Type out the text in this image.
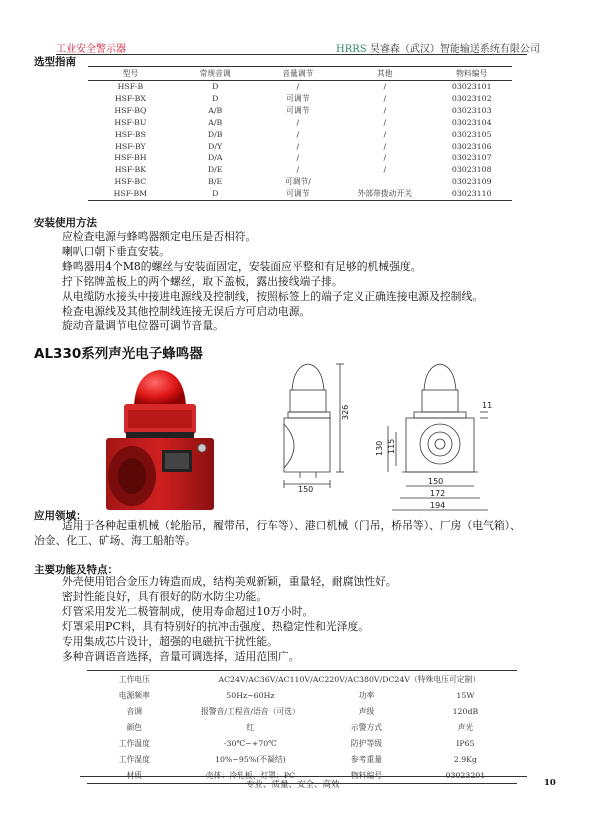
工业安全警示器	HRRS 昊睿森（武汉）智能输送系统有限公司
选型指南
型号	常规音调	音量调节	其他	物料编号
HSF-B	D	/	/	03023101
HSF-BX	D	可调节	/	03023102
HSF-BQ	A/B	可调节	/	03023103
HSF-BU	A/B	/	/	03023104
HSF-BS	D/B	/	/	03023105
HSF-BY	D/Y	/	/	03023106
HSF-BH	D/A	/	/	03023107
HSF-BK	D/E	/	/	03023108
HSF-BC	B/E	可调节/		03023109
HSF-BM	D	可调节	外部带拨动开关	03023110
安装使用方法
应检查电源与蜂鸣器额定电压是否相符。
喇叭口朝下垂直安装。
蜂鸣器用4个M8的螺丝与安装面固定，安装面应平整和有足够的机械强度。
拧下铭牌盖板上的两个螺丝，取下盖板，露出接线端子排。
从电缆防水接头中接进电源线及控制线，按照标签上的端子定义正确连接电源及控制线。
检查电源线及其他控制线连接无误后方可启动电源。
旋动音量调节电位器可调节音量。
AL330系列声光电子蜂鸣器
326
150
11
130 115
150
172
194
应用领域：
适用于各种起重机械（轮胎吊，履带吊，行车等）、港口机械（门吊，桥吊等）、厂房（电气箱）、
冶金、化工、矿场、海工船舶等。
主要功能及特点：
外壳使用铝合金压力铸造而成，结构美观新颖，重量轻，耐腐蚀性好。
密封性能良好，具有很好的防水防尘功能。
灯管采用发光二极管制成，使用寿命超过10万小时。
灯罩采用PC料，具有特别好的抗冲击强度、热稳定性和光泽度。
专用集成芯片设计，超强的电磁抗干扰性能。
多种音调语音选择，音量可调选择，适用范围广。
工作电压	AC24V/AC36V/AC110V/AC220V/AC380V/DC24V（特殊电压可定制）		
电源频率	50Hz~60Hz	功率	15W
音调	报警音/工程音/语音（可选）	声级	120dB
颜色	红	示警方式	声光
工作温度	-30℃~+70℃	防护等级	IP65
工作湿度	10%~95%(不凝结)	参考重量	2.9Kg
材质	壳体：冷轧板、灯罩：PC	物料编号	03023201
专业、质量、安全、高效	10
